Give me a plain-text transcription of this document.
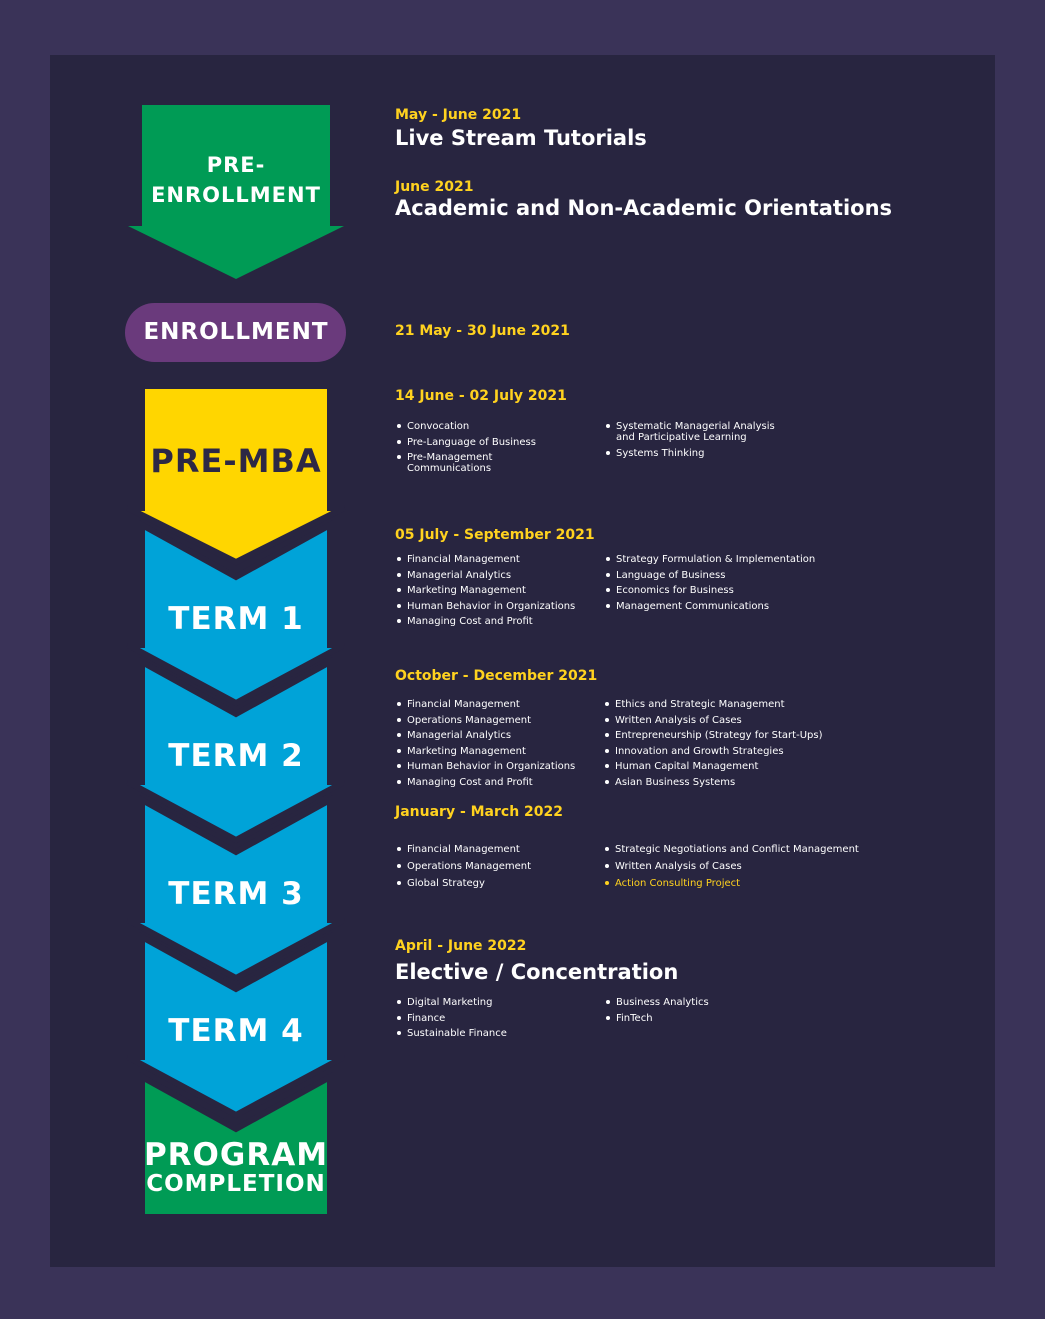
PRE-
ENROLLMENT
ENROLLMENT
PRE-MBA
TERM 1
TERM 2
TERM 3
TERM 4
PROGRAM
COMPLETION
May - June 2021
Live Stream Tutorials
June 2021
Academic and Non-Academic Orientations
21 May - 30 June 2021
14 June - 02 July 2021
Convocation
Pre-Language of Business
Pre-Management
Communications
Systematic Managerial Analysis
and Participative Learning
Systems Thinking
05 July - September 2021
Financial Management
Managerial Analytics
Marketing Management
Human Behavior in Organizations
Managing Cost and Profit
Strategy Formulation & Implementation
Language of Business
Economics for Business
Management Communications
October - December 2021
Financial Management
Operations Management
Managerial Analytics
Marketing Management
Human Behavior in Organizations
Managing Cost and Profit
Ethics and Strategic Management
Written Analysis of Cases
Entrepreneurship (Strategy for Start-Ups)
Innovation and Growth Strategies
Human Capital Management
Asian Business Systems
January - March 2022
Financial Management
Operations Management
Global Strategy
Strategic Negotiations and Conflict Management
Written Analysis of Cases
Action Consulting Project
April - June 2022
Elective / Concentration
Digital Marketing
Finance
Sustainable Finance
Business Analytics
FinTech
